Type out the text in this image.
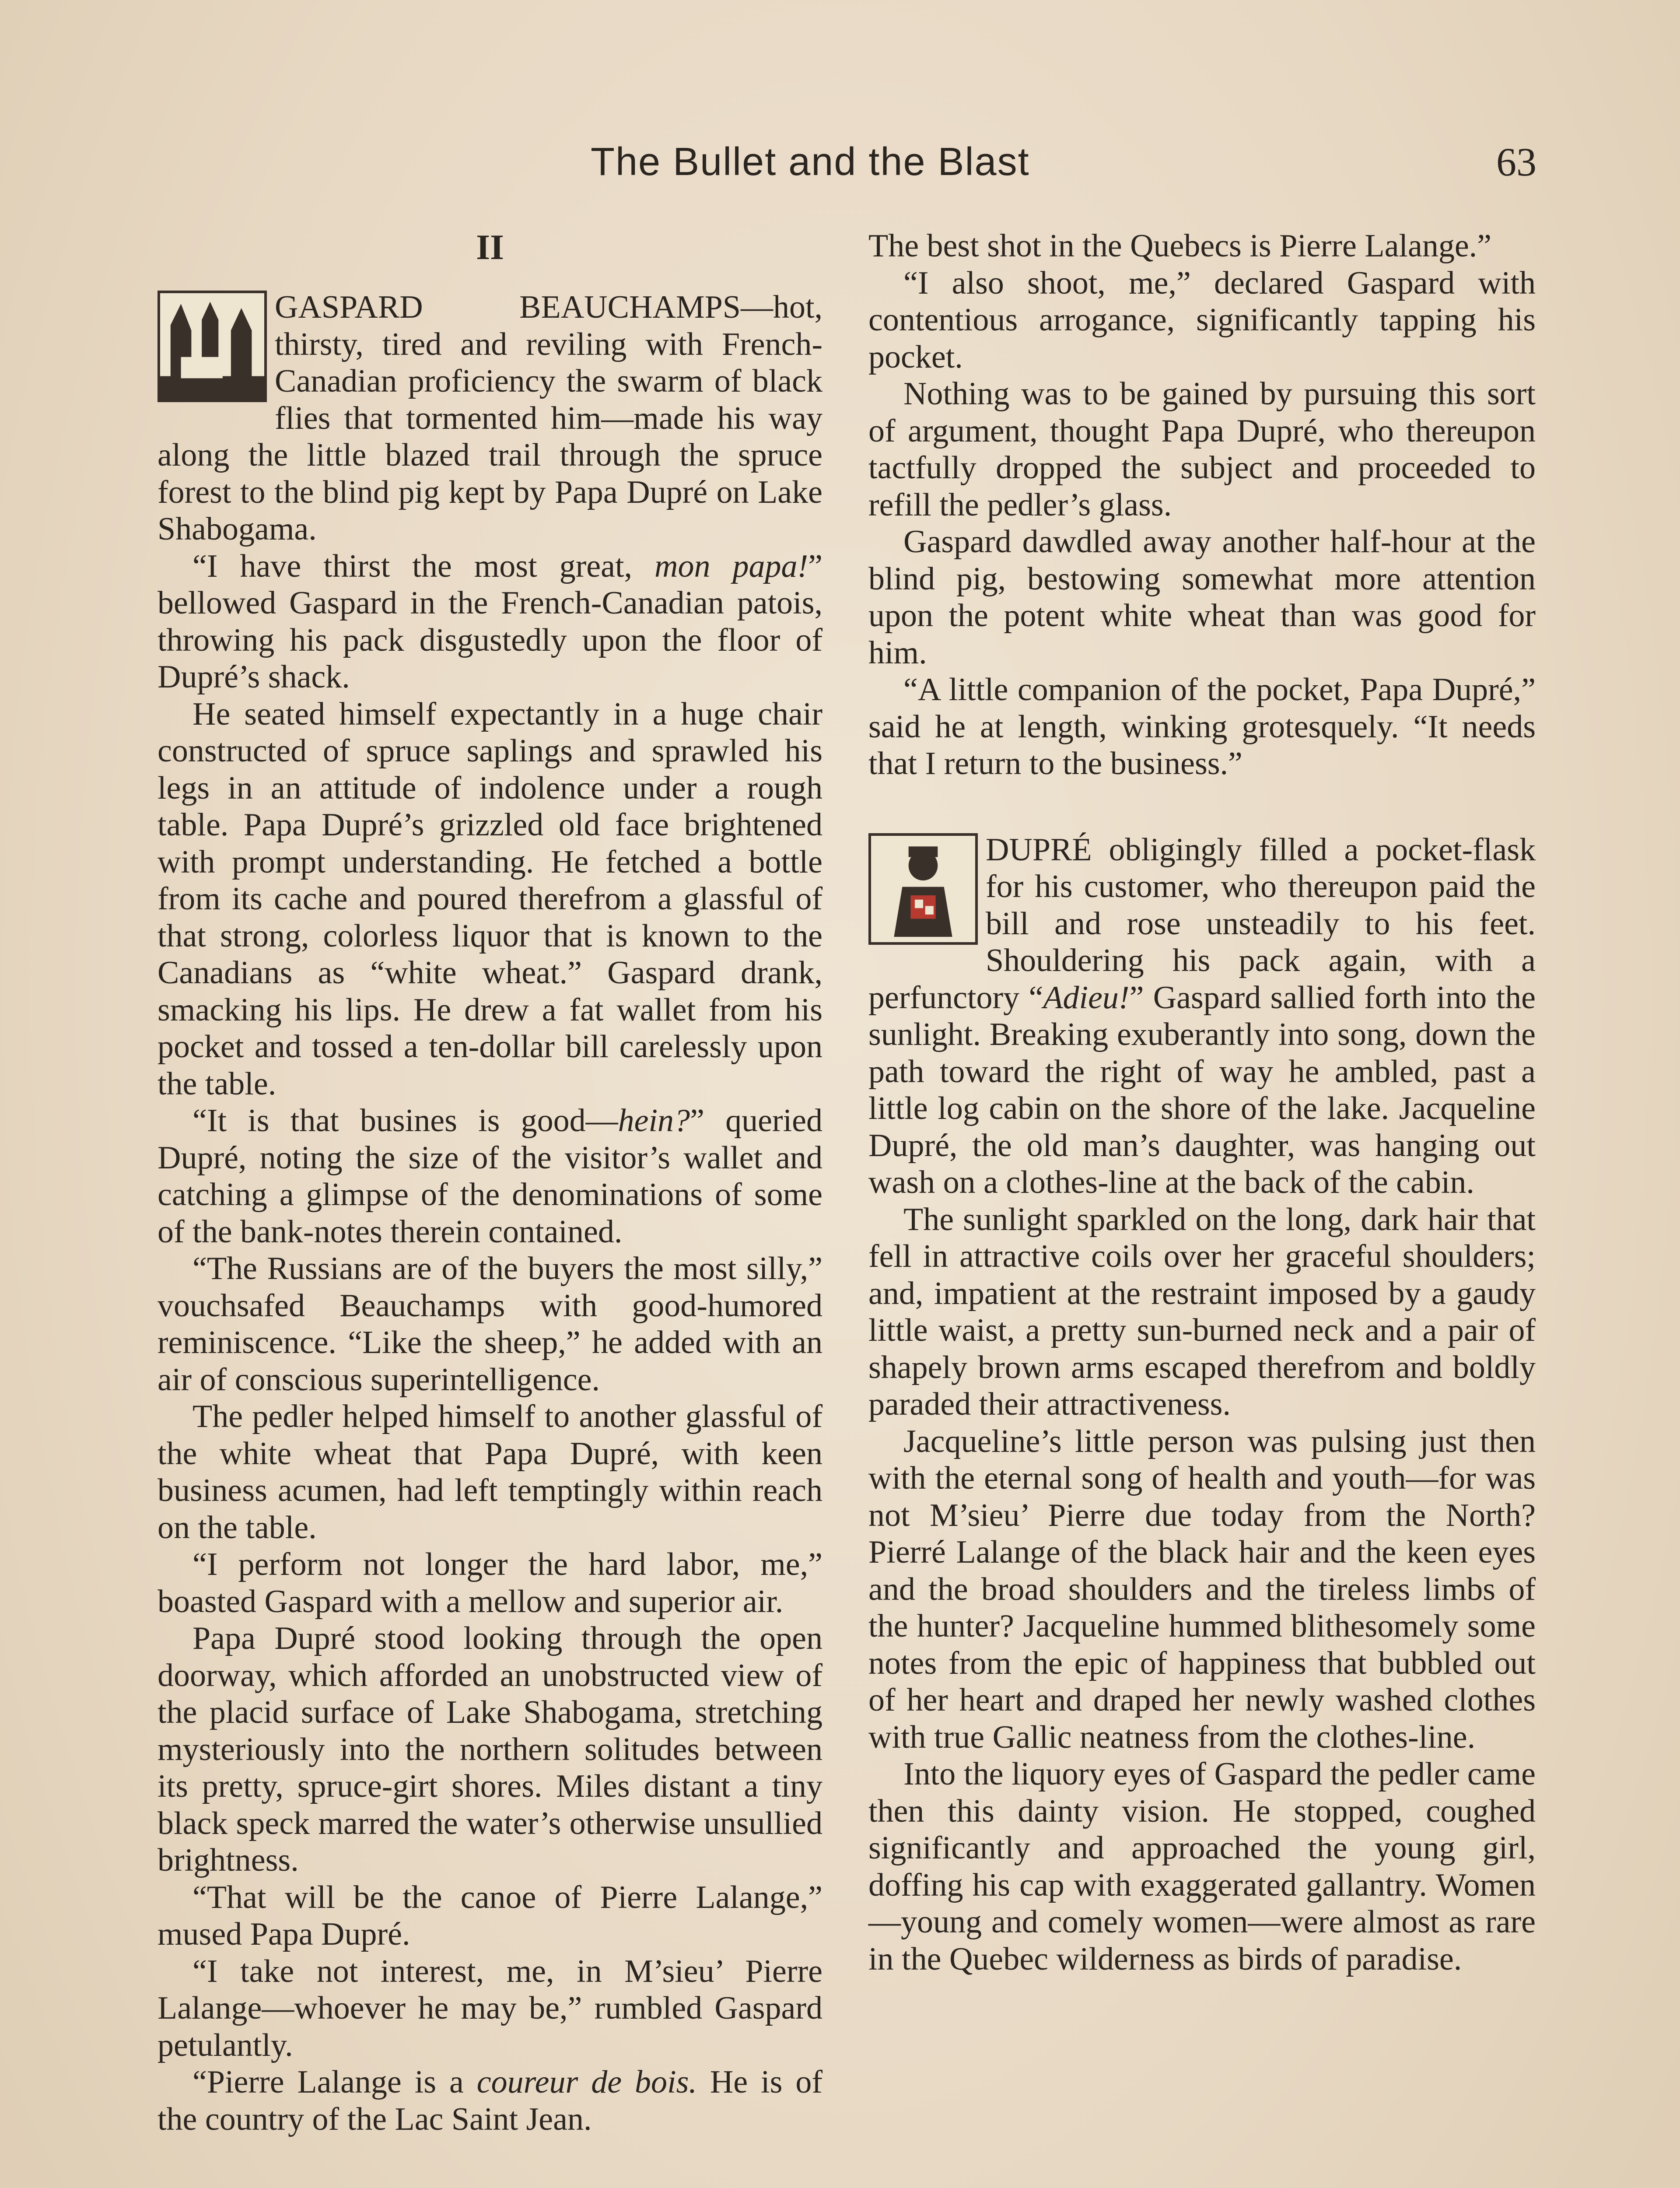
The Bullet and the Blast	63
II

GASPARD BEAUCHAMPS—hot, thirsty, tired and reviling with French-Canadian proficiency the swarm of black flies that tormented him—made his way along the little blazed trail through the spruce forest to the blind pig kept by Papa Dupré on Lake Shabogama.

“I have thirst the most great, mon papa!” bellowed Gaspard in the French-Canadian patois, throwing his pack disgustedly upon the floor of Dupré’s shack.

He seated himself expectantly in a huge chair constructed of spruce saplings and sprawled his legs in an attitude of indolence under a rough table. Papa Dupré’s grizzled old face brightened with prompt understanding. He fetched a bottle from its cache and poured therefrom a glassful of that strong, colorless liquor that is known to the Canadians as “white wheat.” Gaspard drank, smacking his lips. He drew a fat wallet from his pocket and tossed a ten-dollar bill carelessly upon the table.

“It is that busines is good—hein?” queried Dupré, noting the size of the visitor’s wallet and catching a glimpse of the denominations of some of the bank-notes therein contained.

“The Russians are of the buyers the most silly,” vouchsafed Beauchamps with good-humored reminiscence. “Like the sheep,” he added with an air of conscious superintelligence.

The pedler helped himself to another glassful of the white wheat that Papa Dupré, with keen business acumen, had left temptingly within reach on the table.

“I perform not longer the hard labor, me,” boasted Gaspard with a mellow and superior air.

Papa Dupré stood looking through the open doorway, which afforded an unobstructed view of the placid surface of Lake Shabogama, stretching mysteriously into the northern solitudes between its pretty, spruce-girt shores. Miles distant a tiny black speck marred the water’s otherwise unsullied brightness.

“That will be the canoe of Pierre Lalange,” mused Papa Dupré.

“I take not interest, me, in M’sieu’ Pierre Lalange—whoever he may be,” rumbled Gaspard petulantly.

“Pierre Lalange is a coureur de bois. He is of the country of the Lac Saint Jean.

The best shot in the Quebecs is Pierre Lalange.”

“I also shoot, me,” declared Gaspard with contentious arrogance, significantly tapping his pocket.

Nothing was to be gained by pursuing this sort of argument, thought Papa Dupré, who thereupon tactfully dropped the subject and proceeded to refill the pedler’s glass.

Gaspard dawdled away another half-hour at the blind pig, bestowing somewhat more attention upon the potent white wheat than was good for him.

“A little companion of the pocket, Papa Dupré,” said he at length, winking grotesquely. “It needs that I return to the business.”

DUPRÉ obligingly filled a pocket-flask for his customer, who thereupon paid the bill and rose unsteadily to his feet. Shouldering his pack again, with a perfunctory “Adieu!” Gaspard sallied forth into the sunlight. Breaking exuberantly into song, down the path toward the right of way he ambled, past a little log cabin on the shore of the lake. Jacqueline Dupré, the old man’s daughter, was hanging out wash on a clothes-line at the back of the cabin.

The sunlight sparkled on the long, dark hair that fell in attractive coils over her graceful shoulders; and, impatient at the restraint imposed by a gaudy little waist, a pretty sun-burned neck and a pair of shapely brown arms escaped therefrom and boldly paraded their attractiveness.

Jacqueline’s little person was pulsing just then with the eternal song of health and youth—for was not M’sieu’ Pierre due today from the North? Pierré Lalange of the black hair and the keen eyes and the broad shoulders and the tireless limbs of the hunter? Jacqueline hummed blithesomely some notes from the epic of happiness that bubbled out of her heart and draped her newly washed clothes with true Gallic neatness from the clothes-line.

Into the liquory eyes of Gaspard the pedler came then this dainty vision. He stopped, coughed significantly and approached the young girl, doffing his cap with exaggerated gallantry. Women—young and comely women—were almost as rare in the Quebec wilderness as birds of paradise.
